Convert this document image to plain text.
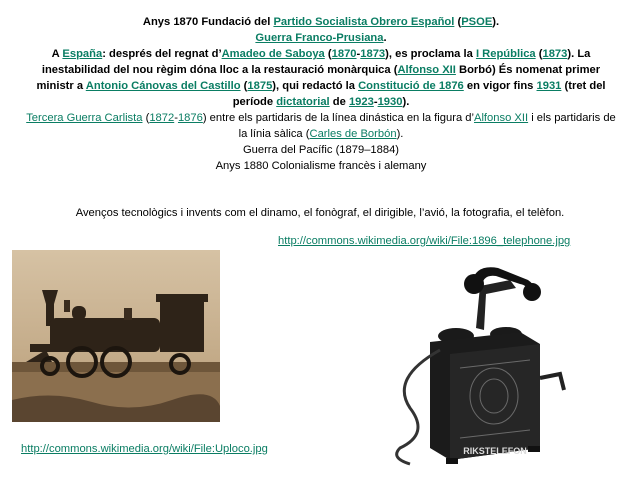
Anys 1870 Fundació del Partido Socialista Obrero Español (PSOE).

Guerra Franco-Prusiana.

A España: després del regnat d’Amadeo de Saboya (1870-1873), es proclama la I República (1873). La inestabilidad del nou règim dóna lloc a la restauració monàrquica (Alfonso XII Borbó) És nomenat primer ministr a Antonio Cánovas del Castillo (1875), qui redactó la Constitució de 1876 en vigor fins 1931 (tret del període dictatorial de 1923-1930).

Tercera Guerra Carlista (1872-1876) entre els partidaris de la línea dinástica en la figura d’Alfonso XII i els partidaris de la línia sàlica (Carles de Borbón).

Guerra del Pacífic (1879–1884)

Anys 1880 Colonialisme francès i alemany

Avenços tecnològics i invents com el dinamo, el fonògraf, el dirigible, l’avió, la fotografia, el telèfon.
http://commons.wikimedia.org/wiki/File:1896_telephone.jpg
http://commons.wikimedia.org/wiki/File:Uploco.jpg	RIKSTELEFON
